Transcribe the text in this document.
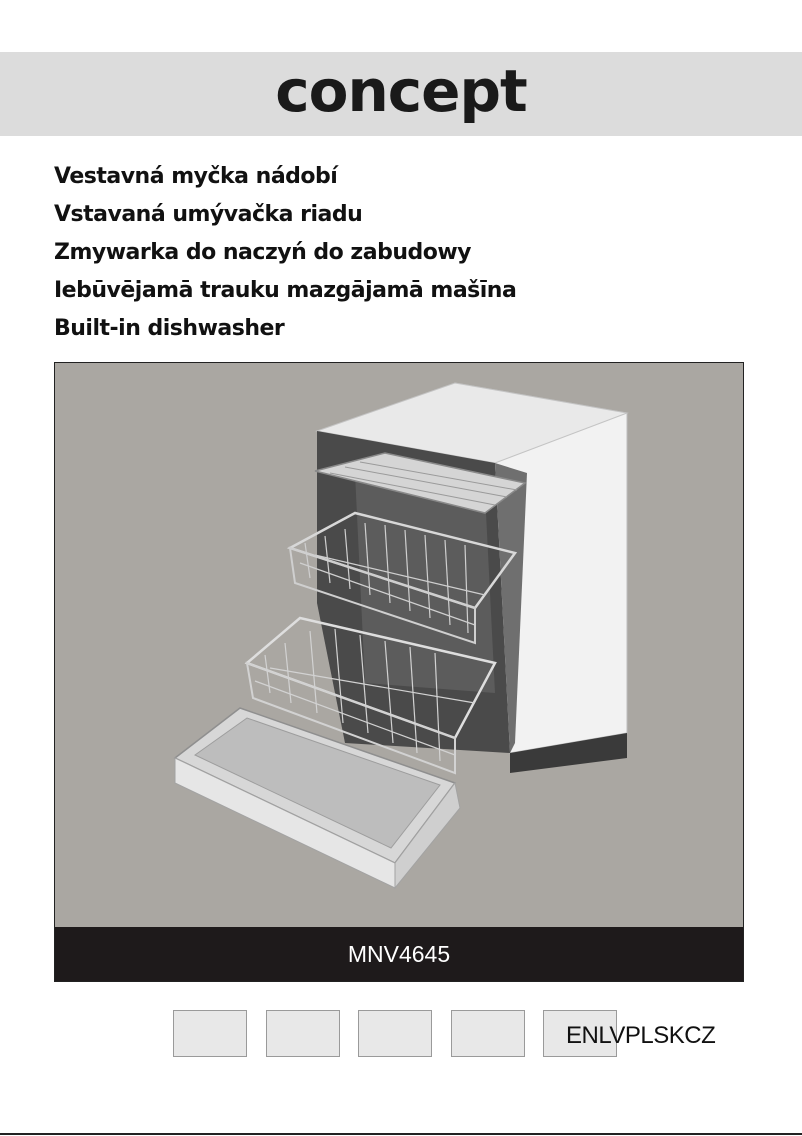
concept
Vestavná myčka nádobí
Vstavaná umývačka riadu
Zmywarka do naczyń do zabudowy
Iebūvējamā trauku mazgājamā mašīna
Built-in dishwasher
MNV4645
ENLVPLSKCZ
